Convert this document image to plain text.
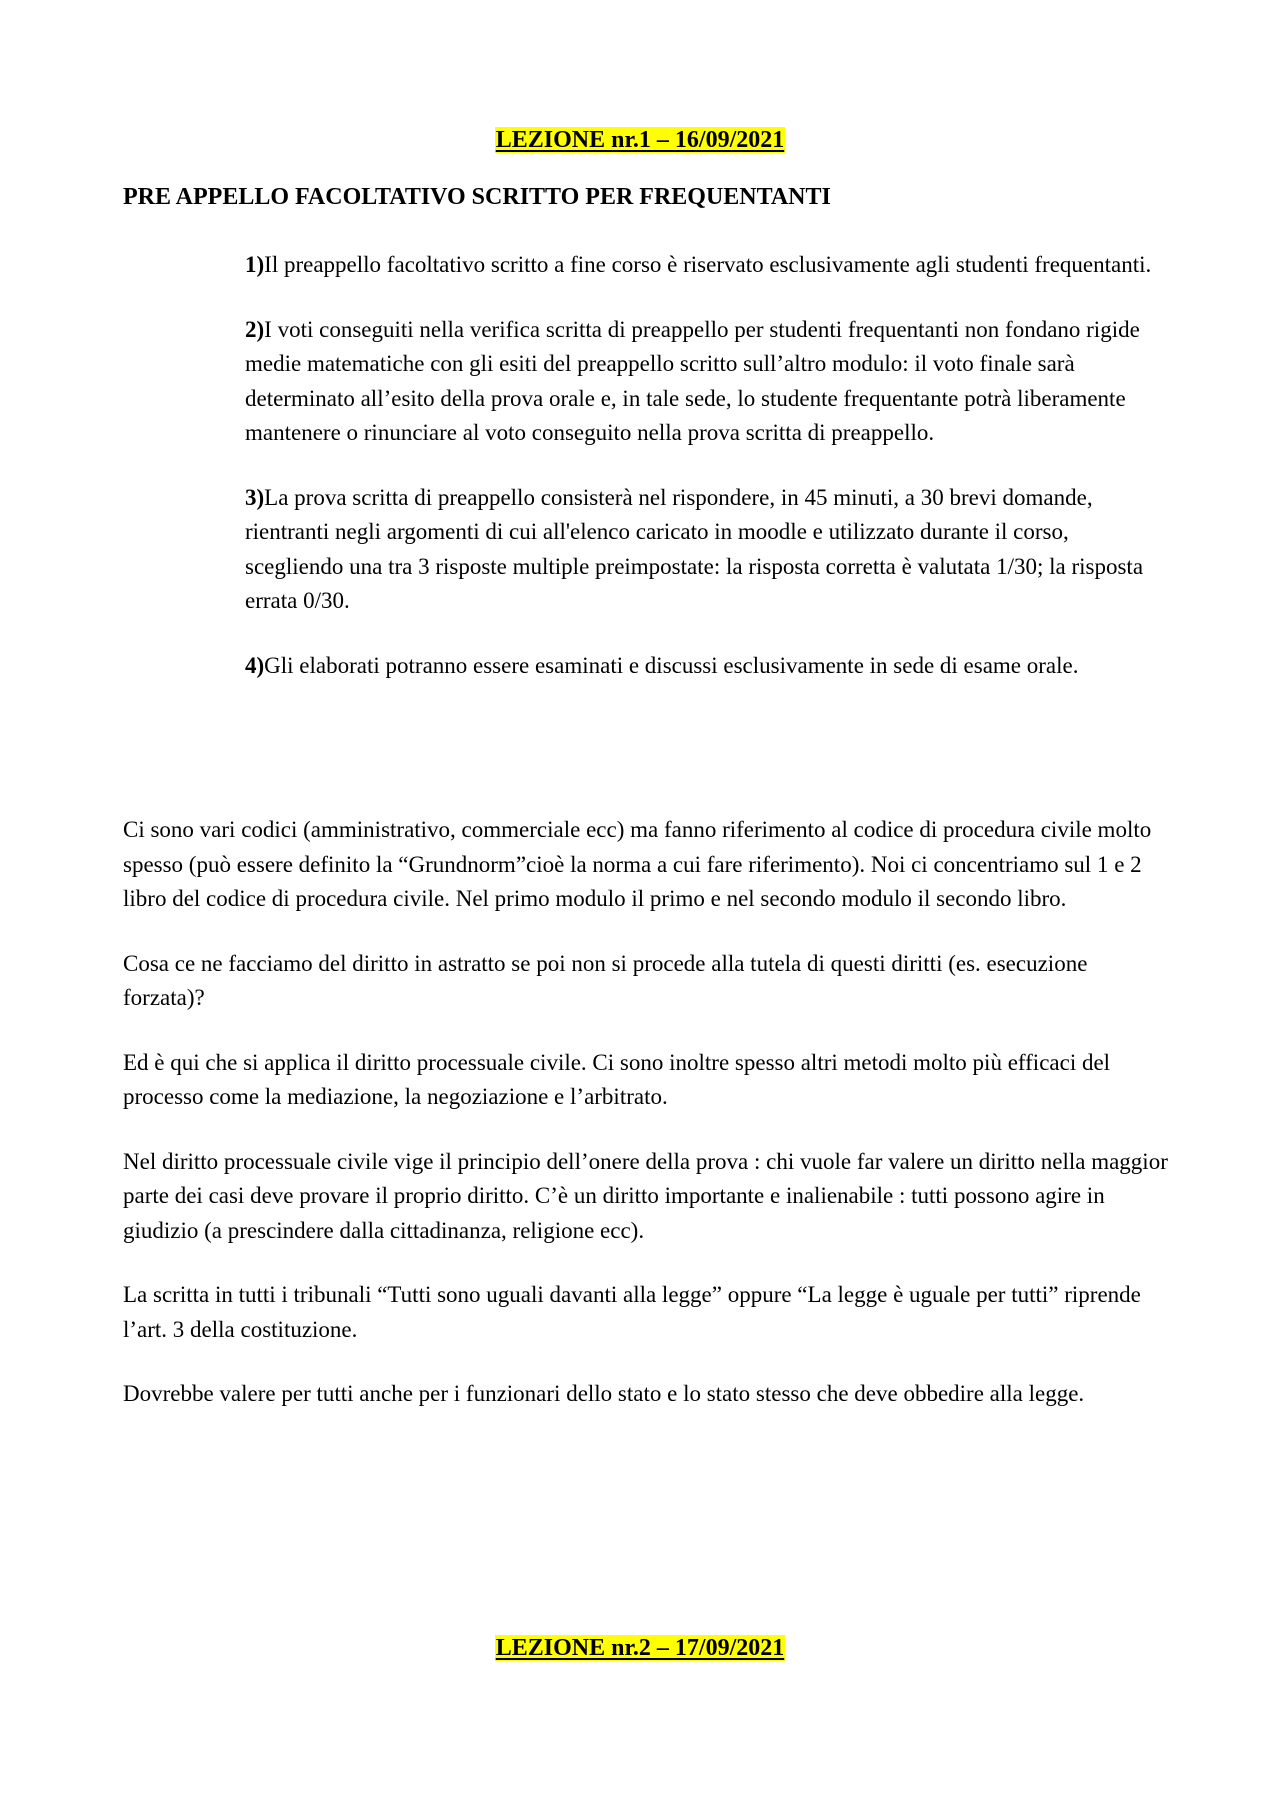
LEZIONE nr.1 – 16/09/2021
PRE APPELLO FACOLTATIVO SCRITTO PER FREQUENTANTI
1)Il preappello facoltativo scritto a fine corso è riservato esclusivamente agli studenti frequentanti.
2)I voti conseguiti nella verifica scritta di preappello per studenti frequentanti non fondano rigide medie matematiche con gli esiti del preappello scritto sull’altro modulo: il voto finale sarà determinato all’esito della prova orale e, in tale sede, lo studente frequentante potrà liberamente mantenere o rinunciare al voto conseguito nella prova scritta di preappello.
3)La prova scritta di preappello consisterà nel rispondere, in 45 minuti, a 30 brevi domande, rientranti negli argomenti di cui all'elenco caricato in moodle e utilizzato durante il corso, scegliendo una tra 3 risposte multiple preimpostate: la risposta corretta è valutata 1/30; la risposta errata 0/30.
4)Gli elaborati potranno essere esaminati e discussi esclusivamente in sede di esame orale.

Ci sono vari codici (amministrativo, commerciale ecc) ma fanno riferimento al codice di procedura civile molto spesso (può essere definito la “Grundnorm”cioè la norma a cui fare riferimento). Noi ci concentriamo sul 1 e 2 libro del codice di procedura civile. Nel primo modulo il primo e nel secondo modulo il secondo libro.

Cosa ce ne facciamo del diritto in astratto se poi non si procede alla tutela di questi diritti (es. esecuzione forzata)?

Ed è qui che si applica il diritto processuale civile. Ci sono inoltre spesso altri metodi molto più efficaci del processo come la mediazione, la negoziazione e l’arbitrato.

Nel diritto processuale civile vige il principio dell’onere della prova : chi vuole far valere un diritto nella maggior parte dei casi deve provare il proprio diritto. C’è un diritto importante e inalienabile : tutti possono agire in giudizio (a prescindere dalla cittadinanza, religione ecc).

La scritta in tutti i tribunali “Tutti sono uguali davanti alla legge” oppure “La legge è uguale per tutti” riprende l’art. 3 della costituzione.

Dovrebbe valere per tutti anche per i funzionari dello stato e lo stato stesso che deve obbedire alla legge.

LEZIONE nr.2 – 17/09/2021
